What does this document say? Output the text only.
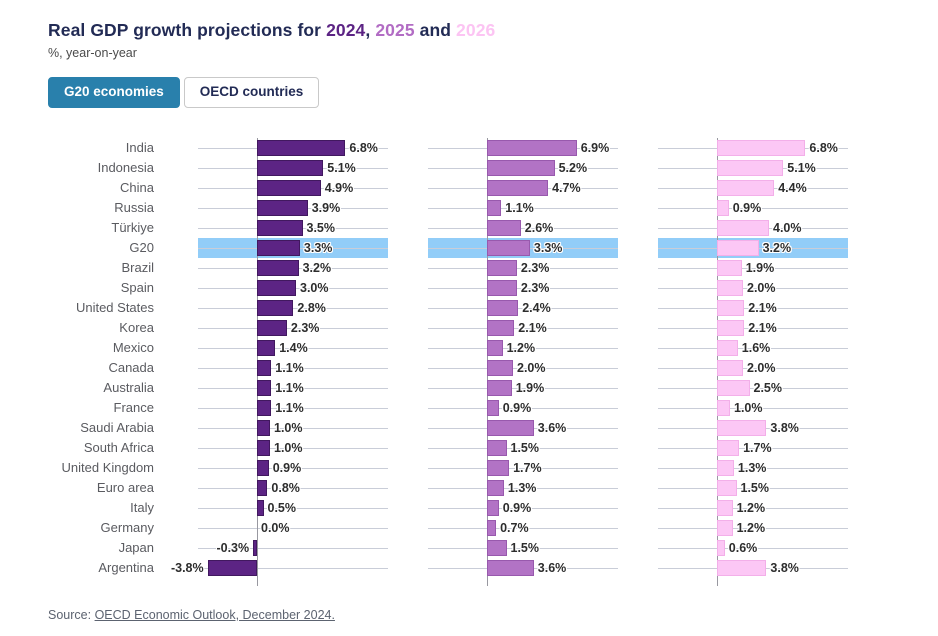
Real GDP growth projections for 2024, 2025 and 2026
%, year-on-year
G20 economies	OECD countries
India
Indonesia
China
Russia
Türkiye
G20
Brazil
Spain
United States
Korea
Mexico
Canada
Australia
France
Saudi Arabia
South Africa
United Kingdom
Euro area
Italy
Germany
Japan
Argentina
6.8%
5.1%
4.9%
3.9%
3.5%
3.3%
3.2%
3.0%
2.8%
2.3%
1.4%
1.1%
1.1%
1.1%
1.0%
1.0%
0.9%
0.8%
0.5%
0.0%
-0.3%
-3.8%
6.9%
5.2%
4.7%
1.1%
2.6%
3.3%
2.3%
2.3%
2.4%
2.1%
1.2%
2.0%
1.9%
0.9%
3.6%
1.5%
1.7%
1.3%
0.9%
0.7%
1.5%
3.6%
6.8%
5.1%
4.4%
0.9%
4.0%
3.2%
1.9%
2.0%
2.1%
2.1%
1.6%
2.0%
2.5%
1.0%
3.8%
1.7%
1.3%
1.5%
1.2%
1.2%
0.6%
3.8%
Source: OECD Economic Outlook, December 2024.
